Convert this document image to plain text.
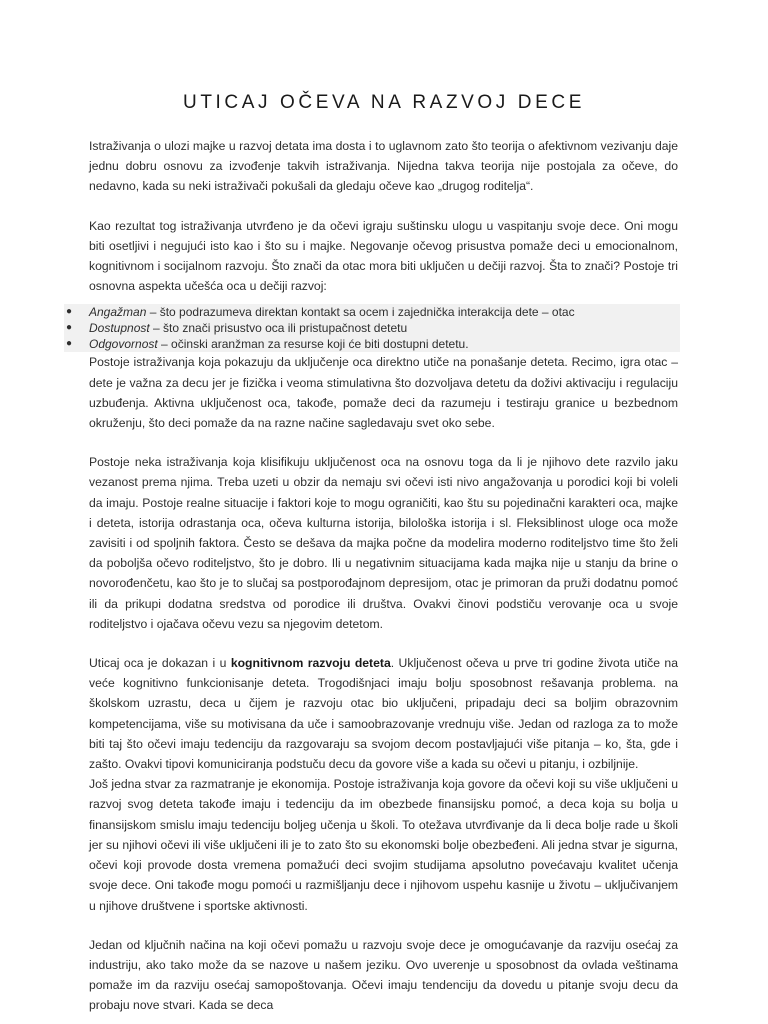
UTICAJ OČEVA NA RAZVOJ DECE

Istraživanja o ulozi majke u razvoj detata ima dosta i to uglavnom zato što teorija o afektivnom vezivanju daje jednu dobru osnovu za izvođenje takvih istraživanja. Nijedna takva teorija nije postojala za očeve, do nedavno, kada su neki istraživači pokušali da gledaju očeve kao „drugog roditelja“.

Kao rezultat tog istraživanja utvrđeno je da očevi igraju suštinsku ulogu u vaspitanju svoje dece. Oni mogu biti osetljivi i negujući isto kao i što su i majke. Negovanje očevog prisustva pomaže deci u emocionalnom, kognitivnom i socijalnom razvoju. Što znači da otac mora biti uključen u dečiji razvoj. Šta to znači? Postoje tri osnovna aspekta učešća oca u dečiji razvoj:

● Angažman – što podrazumeva direktan kontakt sa ocem i zajednička interakcija dete – otac
● Dostupnost – što znači prisustvo oca ili pristupačnost detetu
● Odgovornost – očinski aranžman za resurse koji će biti dostupni detetu.

Postoje istraživanja koja pokazuju da uključenje oca direktno utiče na ponašanje deteta. Recimo, igra otac – dete je važna za decu jer je fizička i veoma stimulativna što dozvoljava detetu da doživi aktivaciju i regulaciju uzbuđenja. Aktivna uključenost oca, takođe, pomaže deci da razumeju i testiraju granice u bezbednom okruženju, što deci pomaže da na razne načine sagledavaju svet oko sebe.

Postoje neka istraživanja koja klisifikuju uključenost oca na osnovu toga da li je njihovo dete razvilo jaku vezanost prema njima. Treba uzeti u obzir da nemaju svi očevi isti nivo angažovanja u porodici koji bi voleli da imaju. Postoje realne situacije i faktori koje to mogu ograničiti, kao štu su pojedinačni karakteri oca, majke i deteta, istorija odrastanja oca, očeva kulturna istorija, bilološka istorija i sl. Fleksiblinost uloge oca može zavisiti i od spoljnih faktora. Često se dešava da majka počne da modelira moderno roditeljstvo time što želi da poboljša očevo roditeljstvo, što je dobro. Ili u negativnim situacijama kada majka nije u stanju da brine o novorođenčetu, kao što je to slučaj sa postporođajnom depresijom, otac je primoran da pruži dodatnu pomoć ili da prikupi dodatna sredstva od porodice ili društva. Ovakvi činovi podstiču verovanje oca u svoje roditeljstvo i ojačava očevu vezu sa njegovim detetom.

Uticaj oca je dokazan i u kognitivnom razvoju deteta. Uključenost očeva u prve tri godine života utiče na veće kognitivno funkcionisanje deteta. Trogodišnjaci imaju bolju sposobnost rešavanja problema. na školskom uzrastu, deca u čijem je razvoju otac bio uključeni, pripadaju deci sa boljim obrazovnim kompetencijama, više su motivisana da uče i samoobrazovanje vrednuju više. Jedan od razloga za to može biti taj što očevi imaju tedenciju da razgovaraju sa svojom decom postavljajući više pitanja – ko, šta, gde i zašto. Ovakvi tipovi komuniciranja podstuču decu da govore više a kada su očevi u pitanju, i ozbiljnije.

Još jedna stvar za razmatranje je ekonomija. Postoje istraživanja koja govore da očevi koji su više uključeni u razvoj svog deteta takođe imaju i tedenciju da im obezbede finansijsku pomoć, a deca koja su bolja u finansijskom smislu imaju tedenciju boljeg učenja u školi. To otežava utvrđivanje da li deca bolje rade u školi jer su njihovi očevi ili više uključeni ili je to zato što su ekonomski bolje obezbeđeni. Ali jedna stvar je sigurna, očevi koji provode dosta vremena pomažući deci svojim studijama apsolutno povećavaju kvalitet učenja svoje dece. Oni takođe mogu pomoći u razmišljanju dece i njihovom uspehu kasnije u životu – uključivanjem u njihove društvene i sportske aktivnosti.

Jedan od ključnih načina na koji očevi pomažu u razvoju svoje dece je omogućavanje da razviju osećaj za industriju, ako tako može da se nazove u našem jeziku. Ovo uverenje u sposobnost da ovlada veštinama pomaže im da razviju osećaj samopoštovanja. Očevi imaju tendenciju da dovedu u pitanje svoju decu da probaju nove stvari. Kada se deca
